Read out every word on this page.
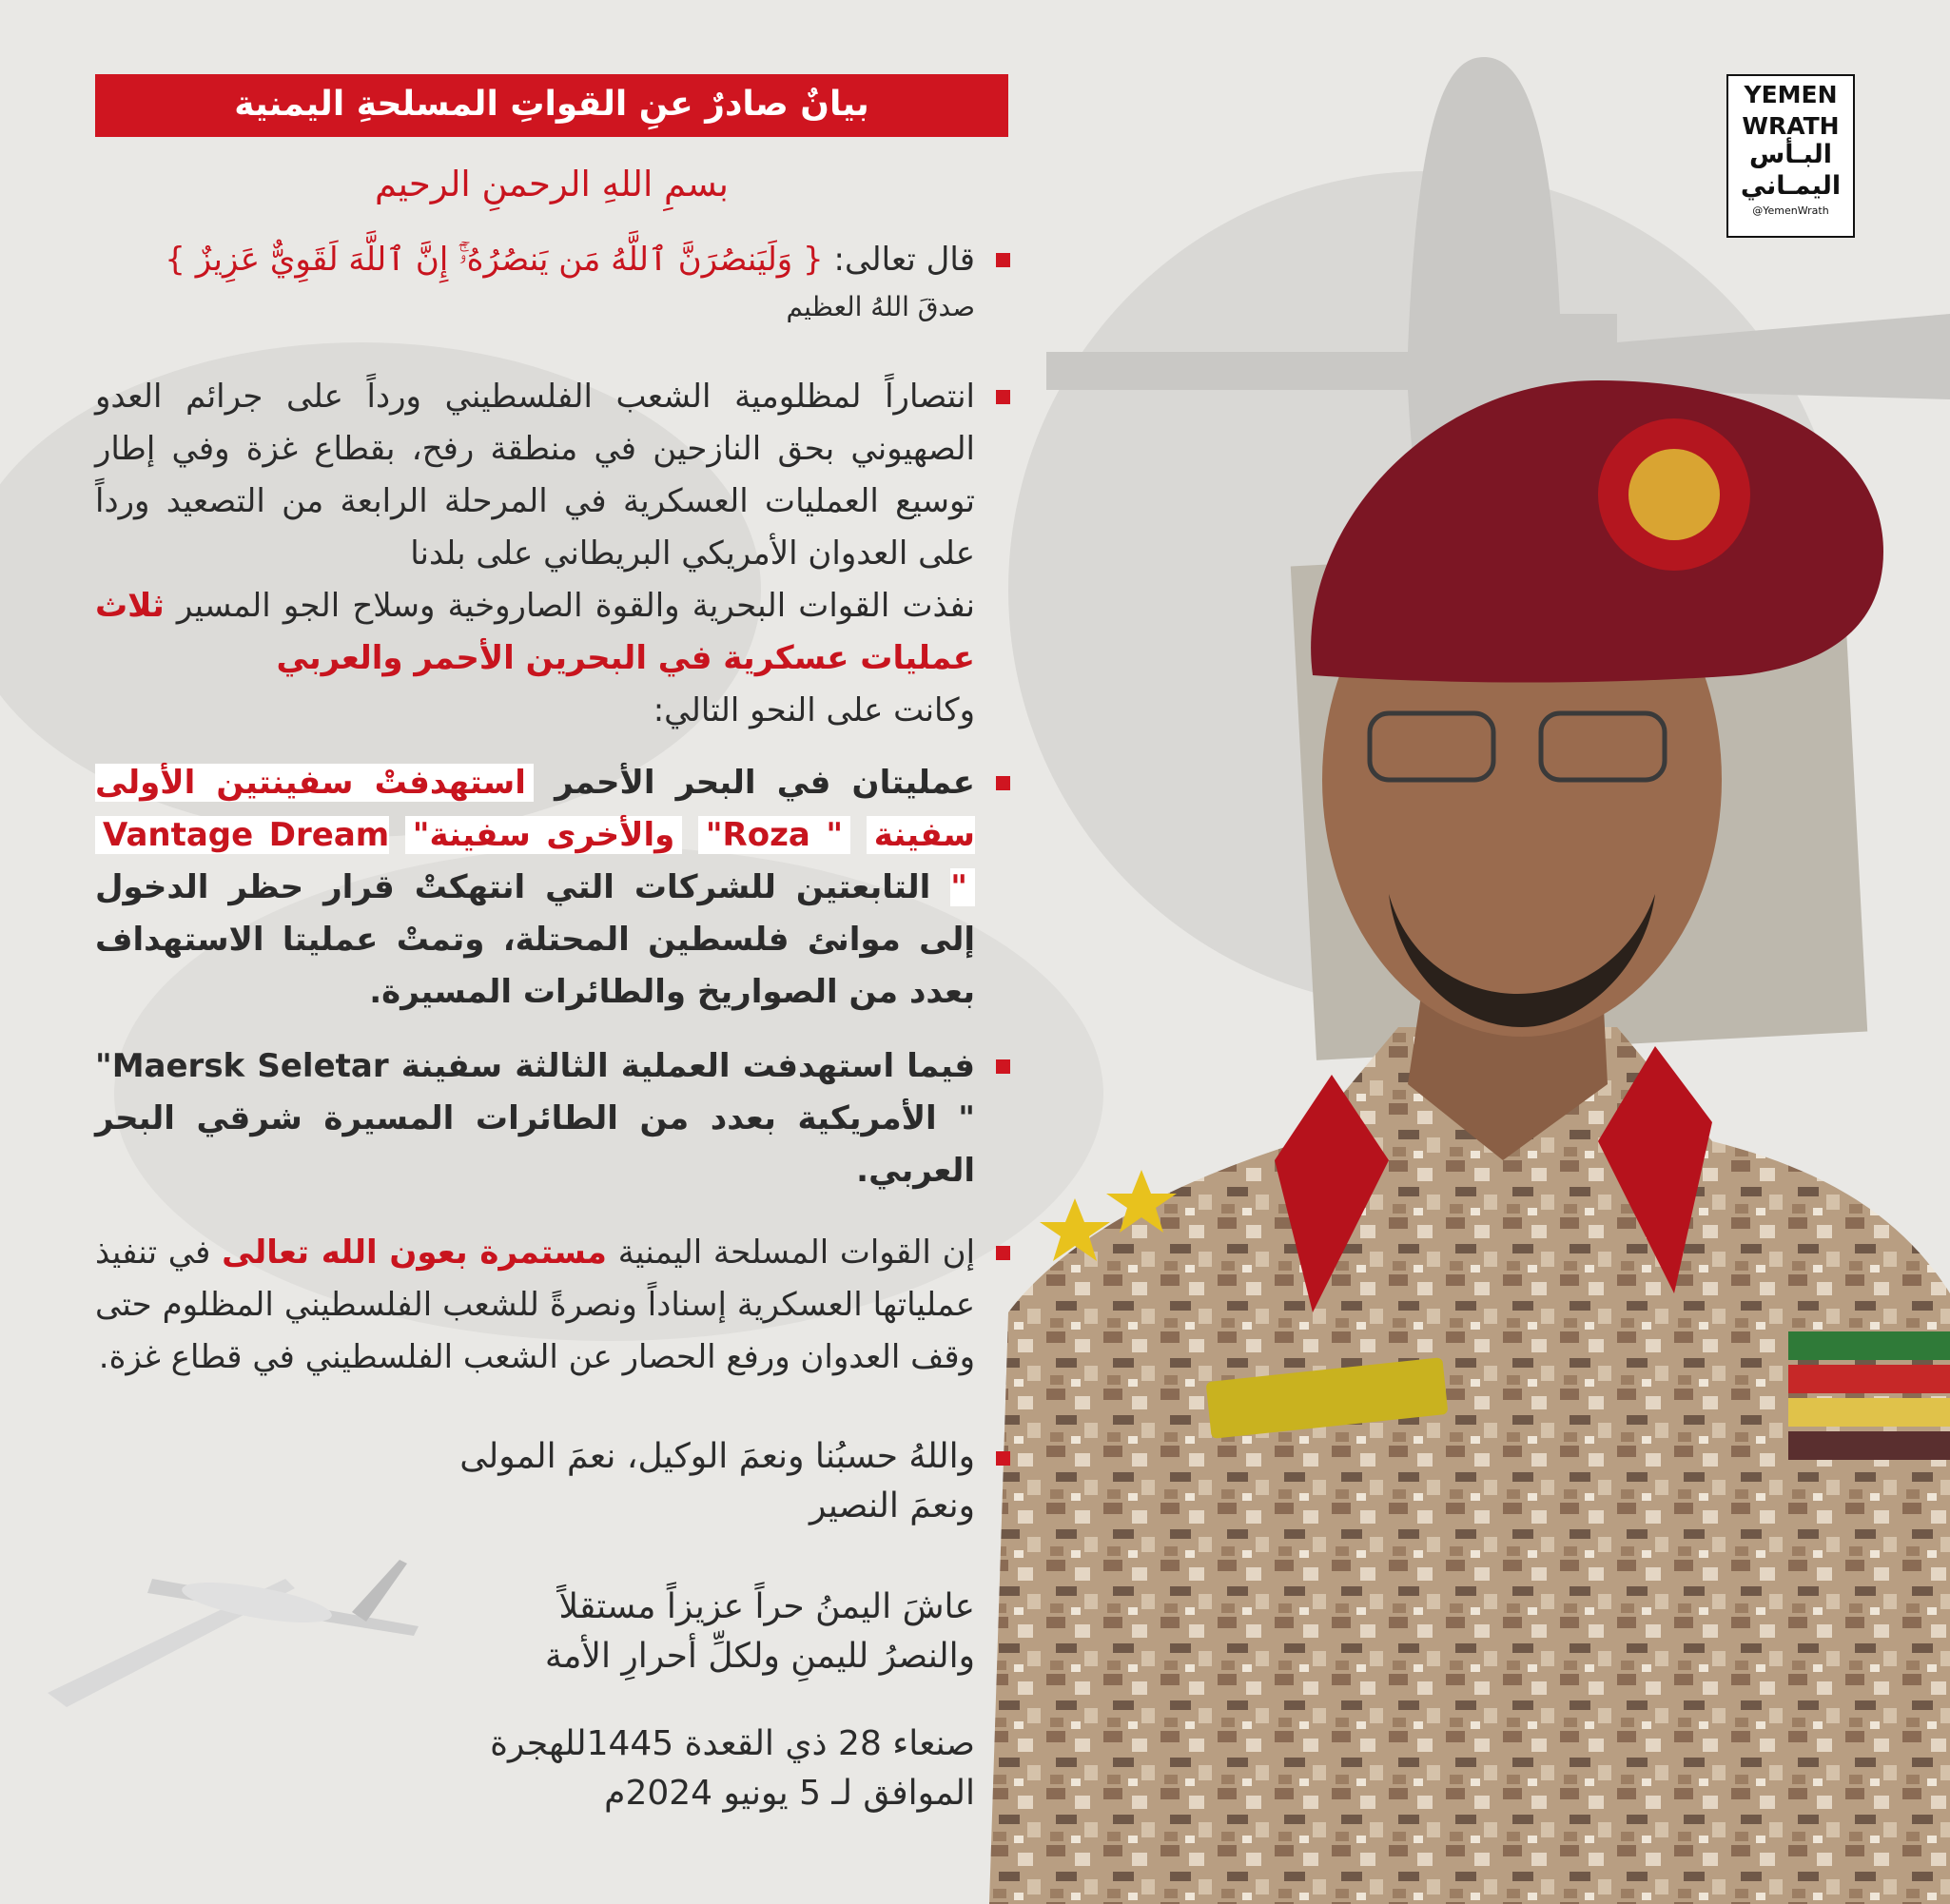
YEMEN
WRATH
البـأس
اليمـاني
@YemenWrath
بيانٌ صادرٌ عنِ القواتِ المسلحةِ اليمنية
بسمِ اللهِ الرحمنِ الرحيم
قال تعالى: { وَلَيَنصُرَنَّ ٱللَّهُ مَن يَنصُرُهُۥٓۚ إِنَّ ٱللَّهَ لَقَوِيٌّ عَزِيزٌ }
صدقَ اللهُ العظيم
انتصاراً لمظلومية الشعب الفلسطيني ورداً على جرائم العدو الصهيوني بحق النازحين في منطقة رفح، بقطاع غزة وفي إطار توسيع العمليات العسكرية في المرحلة الرابعة من التصعيد ورداً على العدوان الأمريكي البريطاني على بلدنا
نفذت القوات البحرية والقوة الصاروخية وسلاح الجو المسير ثلاث عمليات عسكرية في البحرين الأحمر والعربي
وكانت على النحو التالي:
عمليتان في البحر الأحمر استهدفتْ سفينتين الأولى سفينة "Roza " والأخرى سفينة" Vantage Dream " التابعتين للشركات التي انتهكتْ قرار حظر الدخول إلى موانئ فلسطين المحتلة، وتمتْ عمليتا الاستهداف بعدد من الصواريخ والطائرات المسيرة.
فيما استهدفت العملية الثالثة سفينة "Maersk Seletar " الأمريكية بعدد من الطائرات المسيرة شرقي البحر العربي.
إن القوات المسلحة اليمنية مستمرة بعون الله تعالى في تنفيذ عملياتها العسكرية إسناداً ونصرةً للشعب الفلسطيني المظلوم حتى وقف العدوان ورفع الحصار عن الشعب الفلسطيني في قطاع غزة.
واللهُ حسبُنا ونعمَ الوكيل، نعمَ المولى
ونعمَ النصير
عاشَ اليمنُ حراً عزيزاً مستقلاً
والنصرُ لليمنِ ولكلِّ أحرارِ الأمة
صنعاء 28 ذي القعدة 1445للهجرة
الموافق لـ 5 يونيو 2024م
